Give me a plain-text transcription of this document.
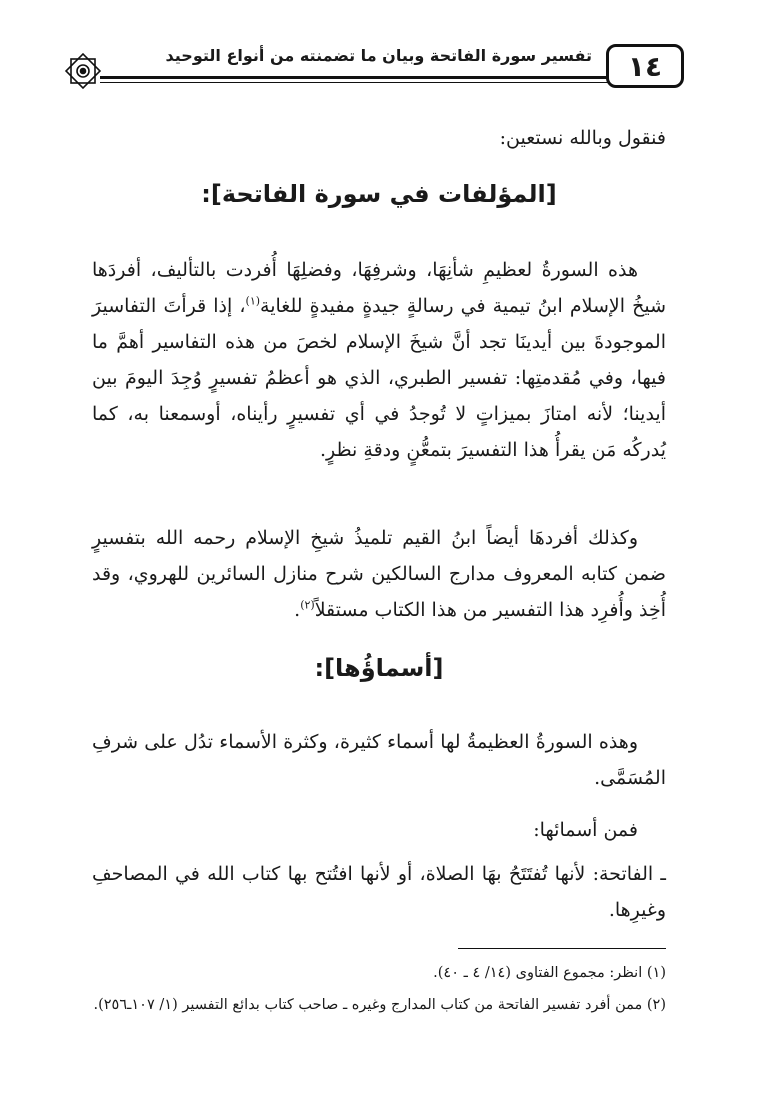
١٤
تفسير سورة الفاتحة وبيان ما تضمنته من أنواع التوحيد
فنقول وبالله نستعين:
[المؤلفات في سورة الفاتحة]:
هذه السورةُ لعظيمِ شأنِهَا، وشرفِهَا، وفضلِهَا أُفردت بالتأليف، أفردَها شيخُ الإسلام ابنُ تيمية في رسالةٍ جيدةٍ مفيدةٍ للغاية$^{(١)}$، إذا قرأتَ التفاسيرَ الموجودةَ بين أيدينَا تجد أنَّ شيخَ الإسلام لخصَ من هذه التفاسير أهمَّ ما فيها، وفي مُقدمتِها: تفسير الطبري، الذي هو أعظمُ تفسيرٍ وُجِدَ اليومَ بين أيدينا؛ لأنه امتازَ بميزاتٍ لا تُوجدُ في أي تفسيرٍ رأيناه، أوسمعنا به، كما يُدركُه مَن يقرأُ هذا التفسيرَ بتمعُّنٍ ودقةِ نظرٍ.
وكذلك أفردهَا أيضاً ابنُ القيم تلميذُ شيخِ الإسلام رحمه الله بتفسيرٍ ضمن كتابه المعروف مدارج السالكين شرح منازل السائرين للهروي، وقد أُخِذ وأُفرِد هذا التفسير من هذا الكتاب مستقلاً$^{(٢)}$.
[أسماؤُها]:
وهذه السورةُ العظيمةُ لها أسماء كثيرة، وكثرة الأسماء تدُل على شرفِ المُسَمَّى.
فمن أسمائها:
ـ الفاتحة: لأنها تُفتَتَحُ بهَا الصلاة، أو لأنها افتُتح بها كتاب الله في المصاحفِ وغيرِها.
(١) انظر: مجموع الفتاوى (١٤/ ٤ ـ ٤٠).
(٢) ممن أفرد تفسير الفاتحة من كتاب المدارج وغيره ـ صاحب كتاب بدائع التفسير (١/ ١٠٧ـ٢٥٦).
